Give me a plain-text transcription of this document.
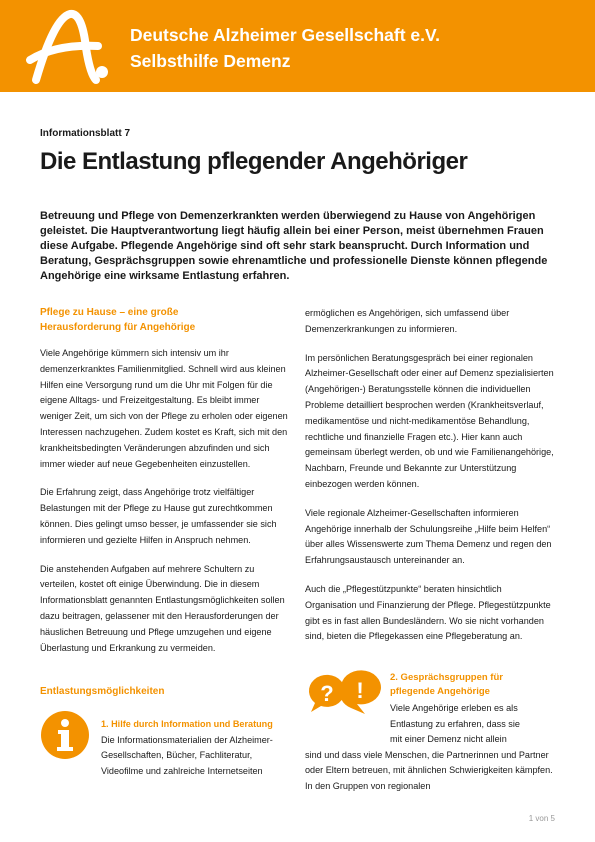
Deutsche Alzheimer Gesellschaft e.V.
Selbsthilfe Demenz
Informationsblatt 7
Die Entlastung pflegender Angehöriger

Betreuung und Pflege von Demenzerkrankten werden überwiegend zu Hause von Angehörigen geleistet. Die Hauptverantwortung liegt häufig allein bei einer Person, meist übernehmen Frauen diese Aufgabe. Pflegende Angehörige sind oft sehr stark beansprucht. Durch Information und Beratung, Gesprächsgruppen sowie ehrenamtliche und professionelle Dienste können pflegende Angehörige eine wirksame Entlastung erfahren.

Pflege zu Hause – eine große
Herausforderung für Angehörige

Viele Angehörige kümmern sich intensiv um ihr demenzerkranktes Familienmitglied. Schnell wird aus kleinen Hilfen eine Versorgung rund um die Uhr mit Folgen für die eigene Alltags- und Freizeitgestaltung. Es bleibt immer weniger Zeit, um sich von der Pflege zu erholen oder eigenen Interessen nachzugehen. Zudem kostet es Kraft, sich mit den krankheitsbedingten Veränderungen abzufinden und sich immer wieder auf neue Gegebenheiten einzustellen.

Die Erfahrung zeigt, dass Angehörige trotz vielfältiger Belastungen mit der Pflege zu Hause gut zurechtkommen können. Dies gelingt umso besser, je umfassender sie sich informieren und gezielte Hilfen in Anspruch nehmen.

Die anstehenden Aufgaben auf mehrere Schultern zu verteilen, kostet oft einige Überwindung. Die in diesem Informationsblatt genannten Entlastungsmöglichkeiten sollen dazu beitragen, gelassener mit den Herausforderungen der häuslichen Betreuung und Pflege umzugehen und eigene Überlastung und Erkrankung zu vermeiden.

Entlastungsmöglichkeiten
1. Hilfe durch Information und Beratung
Die Informationsmaterialien der Alzheimer-Gesellschaften, Bücher, Fachliteratur, Videofilme und zahlreiche Internetseiten

ermöglichen es Angehörigen, sich umfassend über Demenzerkrankungen zu informieren.

Im persönlichen Beratungsgespräch bei einer regionalen Alzheimer-Gesellschaft oder einer auf Demenz spezialisierten (Angehörigen-) Beratungsstelle können die individuellen Probleme detailliert besprochen werden (Krankheitsverlauf, medikamentöse und nicht-medikamentöse Behandlung, rechtliche und finanzielle Fragen etc.). Hier kann auch gemeinsam überlegt werden, ob und wie Familienangehörige, Nachbarn, Freunde und Bekannte zur Unterstützung einbezogen werden können.

Viele regionale Alzheimer-Gesellschaften informieren Angehörige innerhalb der Schulungsreihe „Hilfe beim Helfen“ über alles Wissenswerte zum Thema Demenz und regen den Erfahrungsaustausch untereinander an.

Auch die „Pflegestützpunkte“ beraten hinsichtlich Organisation und Finanzierung der Pflege. Pflegestützpunkte gibt es in fast allen Bundesländern. Wo sie nicht vorhanden sind, bieten die Pflegekassen eine Pflegeberatung an.

? !
2. Gesprächsgruppen für
pflegende Angehörige
Viele Angehörige erleben es als
Entlastung zu erfahren, dass sie
mit einer Demenz nicht allein
sind und dass viele Menschen, die Partnerinnen und Partner oder Eltern betreuen, mit ähnlichen Schwierigkeiten kämpfen. In den Gruppen von regionalen
1 von 5
